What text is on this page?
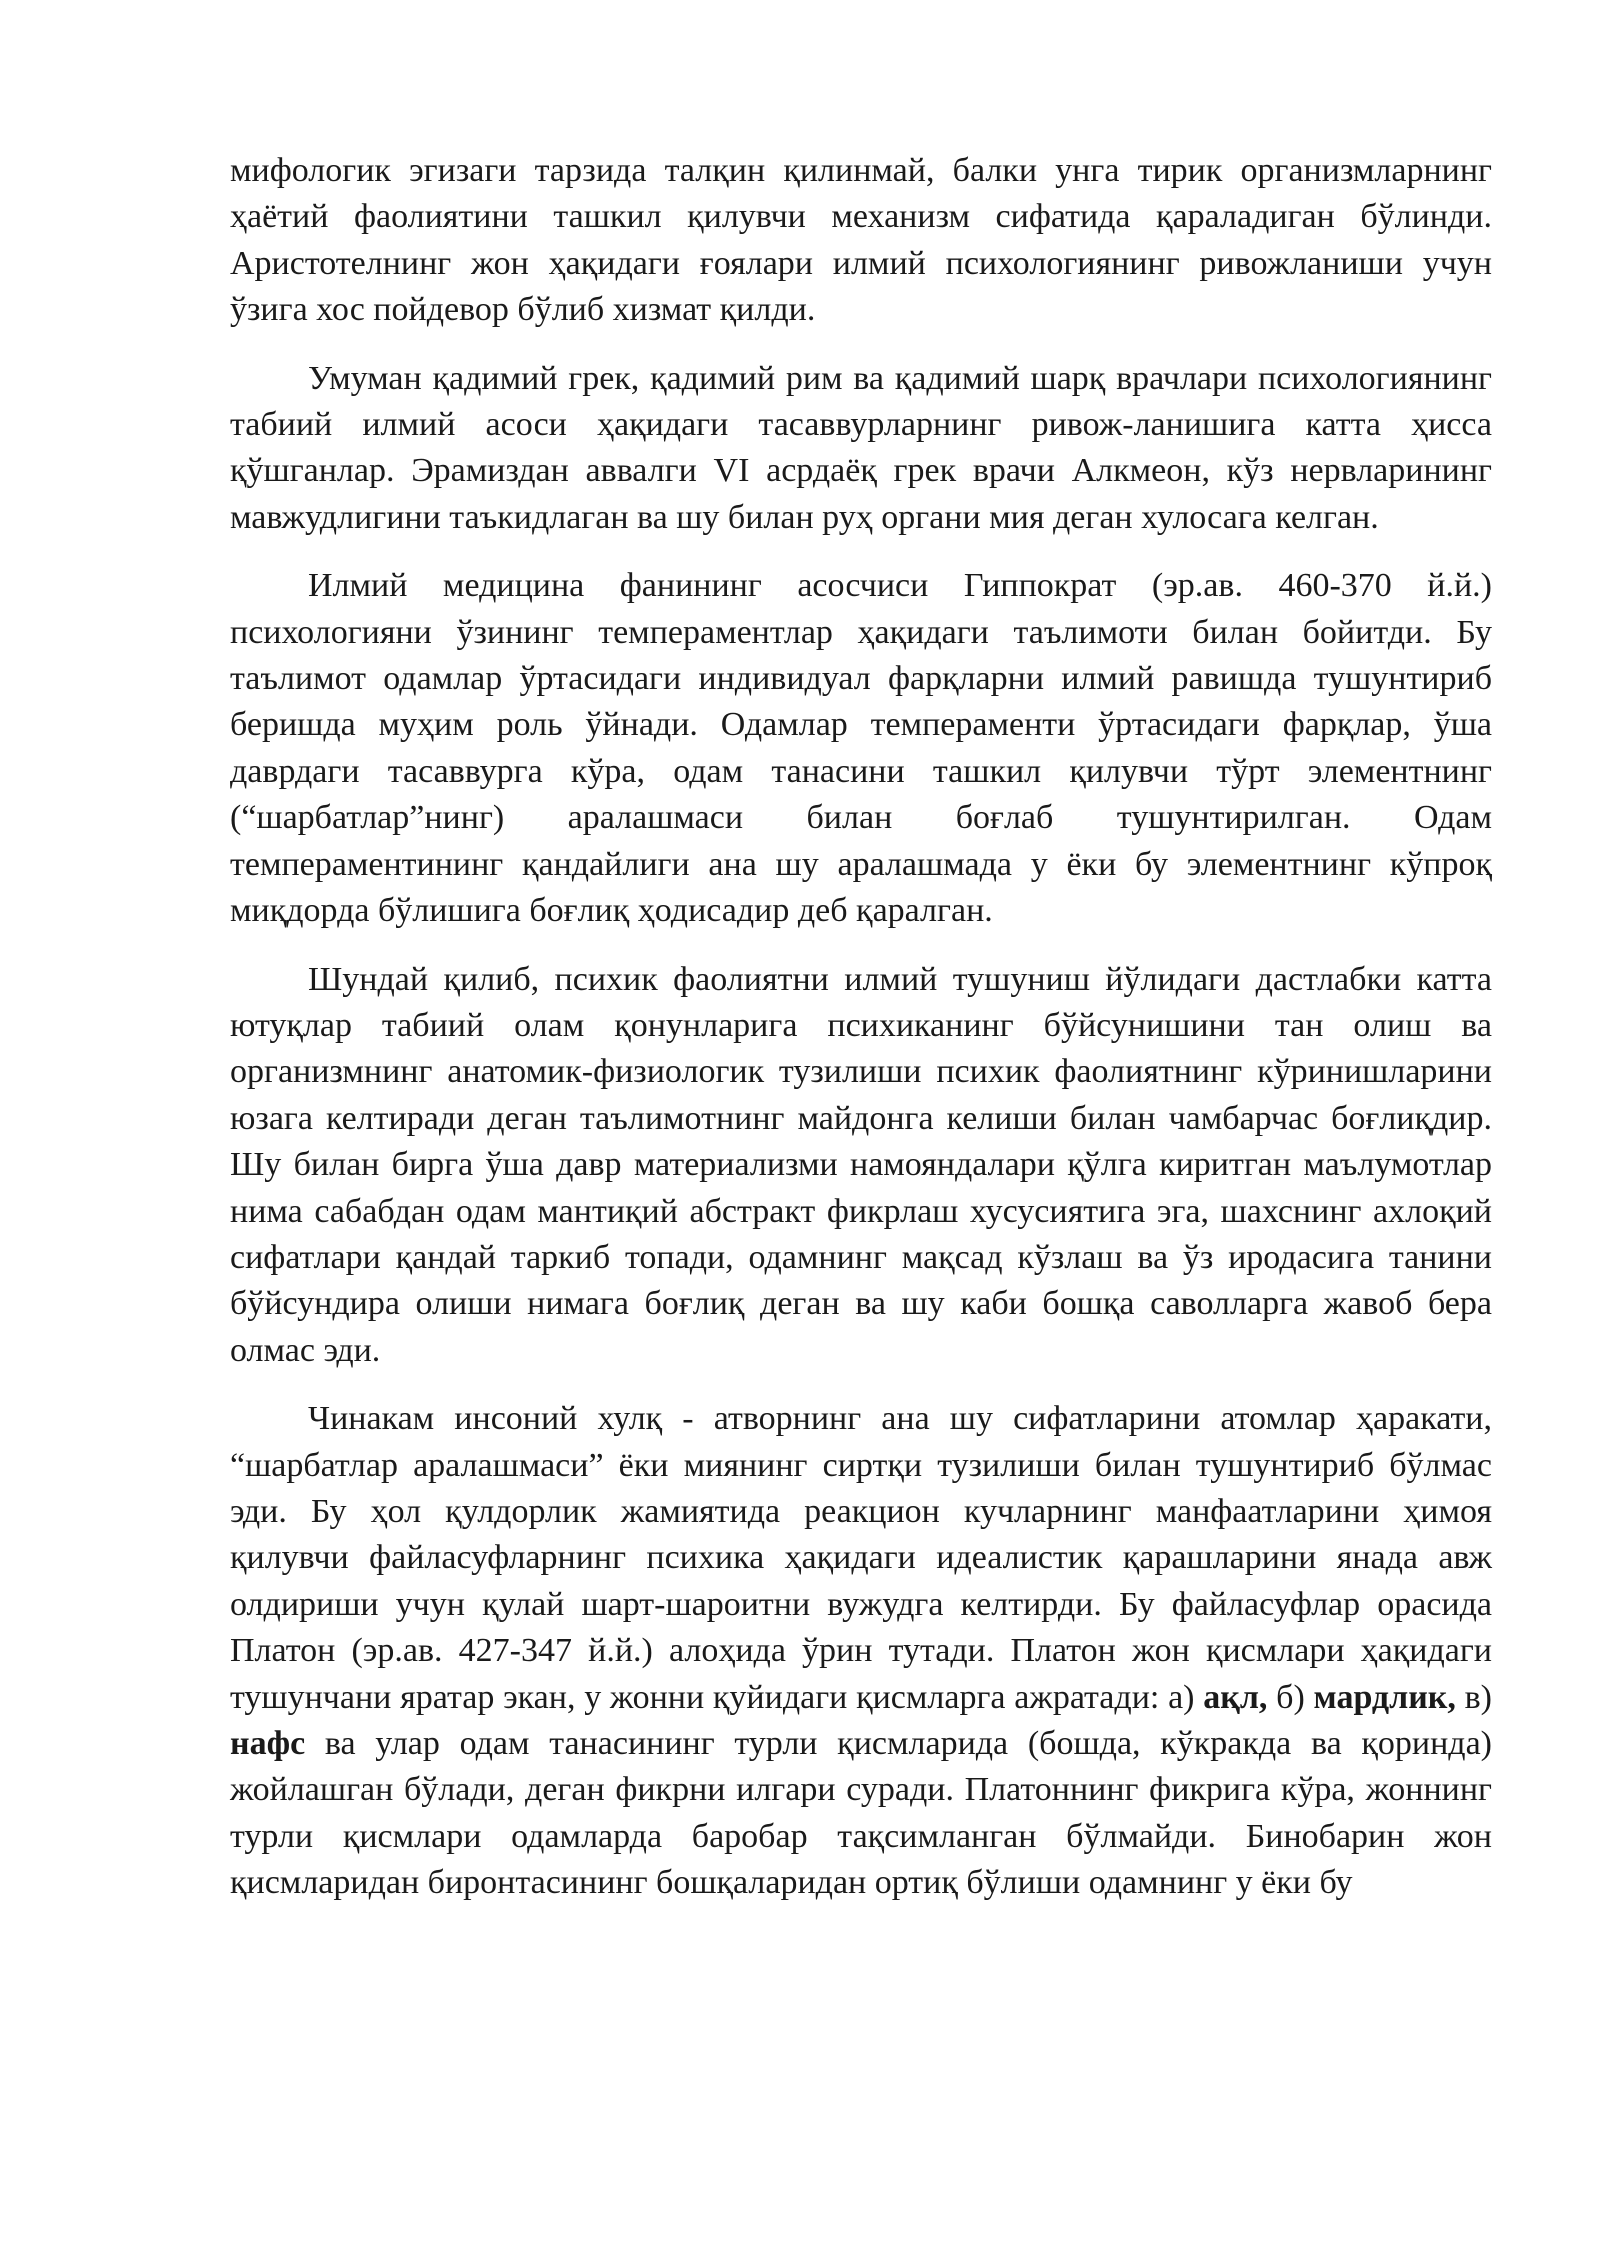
мифологик эгизаги тарзида талқин қилинмай, балки унга тирик организмларнинг ҳаётий фаолиятини ташкил қилувчи механизм сифатида қараладиган бўлинди. Аристотелнинг жон ҳақидаги ғоялари илмий психологиянинг ривожланиши учун ўзига хос пойдевор бўлиб хизмат қилди.

Умуман қадимий грек, қадимий рим ва қадимий шарқ врачлари психологиянинг табиий илмий асоси ҳақидаги тасаввурларнинг ривож-ланишига катта ҳисса қўшганлар. Эрамиздан аввалги VI асрдаёқ грек врачи Алкмеон, кўз нервларининг мавжудлигини таъкидлаган ва шу билан руҳ органи мия деган хулосага келган.

Илмий медицина фанининг асосчиси Гиппократ (эр.ав. 460-370 й.й.) психологияни ўзининг темпераментлар ҳақидаги таълимоти билан бойитди. Бу таълимот одамлар ўртасидаги индивидуал фарқларни илмий равишда тушунтириб беришда муҳим роль ўйнади. Одамлар темпераменти ўртасидаги фарқлар, ўша даврдаги тасаввурга кўра, одам танасини ташкил қилувчи тўрт элементнинг (“шарбатлар”нинг) аралашмаси билан боғлаб тушунтирилган. Одам темпераментининг қандайлиги ана шу аралашмада у ёки бу элементнинг кўпроқ миқдорда бўлишига боғлиқ ҳодисадир деб қаралган.

Шундай қилиб, психик фаолиятни илмий тушуниш йўлидаги дастлабки катта ютуқлар табиий олам қонунларига психиканинг бўйсунишини тан олиш ва организмнинг анатомик-физиологик тузилиши психик фаолиятнинг кўринишларини юзага келтиради деган таълимотнинг майдонга келиши билан чамбарчас боғлиқдир. Шу билан бирга ўша давр материализми намояндалари қўлга киритган маълумотлар нима сабабдан одам мантиқий абстракт фикрлаш хусусиятига эга, шахснинг ахлоқий сифатлари қандай таркиб топади, одамнинг мақсад кўзлаш ва ўз иродасига танини бўйсундира олиши нимага боғлиқ деган ва шу каби бошқа саволларга жавоб бера олмас эди.

Чинакам инсоний хулқ - атворнинг ана шу сифатларини атомлар ҳаракати, “шарбатлар аралашмаси” ёки миянинг сиртқи тузилиши билан тушунтириб бўлмас эди. Бу ҳол қулдорлик жамиятида реакцион кучларнинг манфаатларини ҳимоя қилувчи файласуфларнинг психика ҳақидаги идеалистик қарашларини янада авж олдириши учун қулай шарт-шароитни вужудга келтирди. Бу файласуфлар орасида Платон (эр.ав. 427-347 й.й.) алоҳида ўрин тутади. Платон жон қисмлари ҳақидаги тушунчани яратар экан, у жонни қуйидаги қисмларга ажратади: а) ақл, б) мардлик, в) нафс ва улар одам танасининг турли қисмларида (бошда, кўкракда ва қоринда) жойлашган бўлади, деган фикрни илгари суради. Платоннинг фикрига кўра, жоннинг турли қисмлари одамларда баробар тақсимланган бўлмайди. Бинобарин жон қисмларидан биронтасининг бошқаларидан ортиқ бўлиши одамнинг у ёки бу
